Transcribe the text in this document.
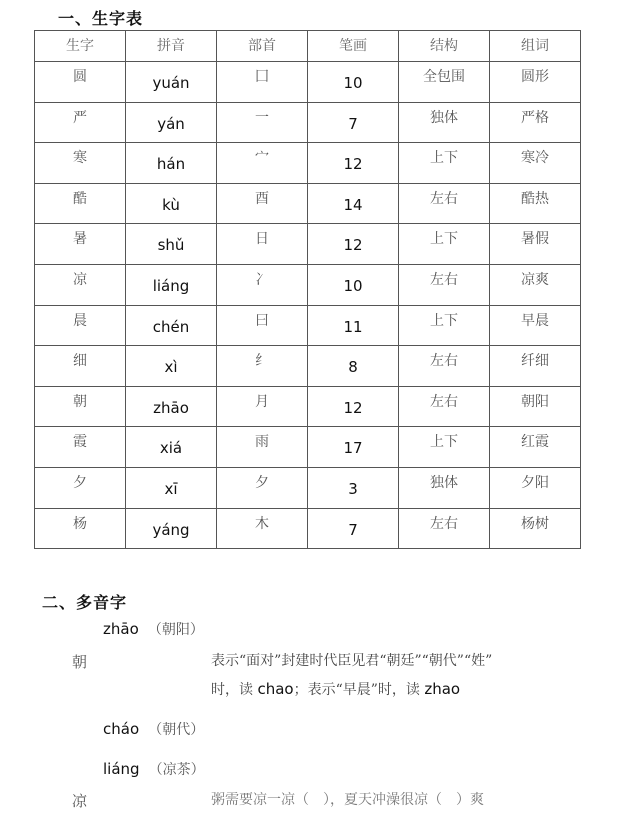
一、生字表
生字	拼音	部首	笔画	结构	组词

圆	yuán	囗	10	全包围	圆形

严	yán	一	7	独体	严格

寒	hán	宀	12	上下	寒冷

酷	kù	酉	14	左右	酷热

暑	shǔ	日	12	上下	暑假

凉	liáng	冫	10	左右	凉爽

晨	chén	曰	11	上下	早晨

细	xì	纟	8	左右	纤细

朝	zhāo	月	12	左右	朝阳

霞	xiá	雨	17	上下	红霞

夕	xī	夕	3	独体	夕阳

杨	yáng	木	7	左右	杨树
二、多音字
zhāo （朝阳）
朝	表示“面对”封建时代臣见君“朝廷”“朝代”“姓”
时，读 chao；表示“早晨”时，读 zhao
cháo （朝代）
liáng （凉茶）
凉	粥需要凉一凉（　），夏天冲澡很凉（　）爽
